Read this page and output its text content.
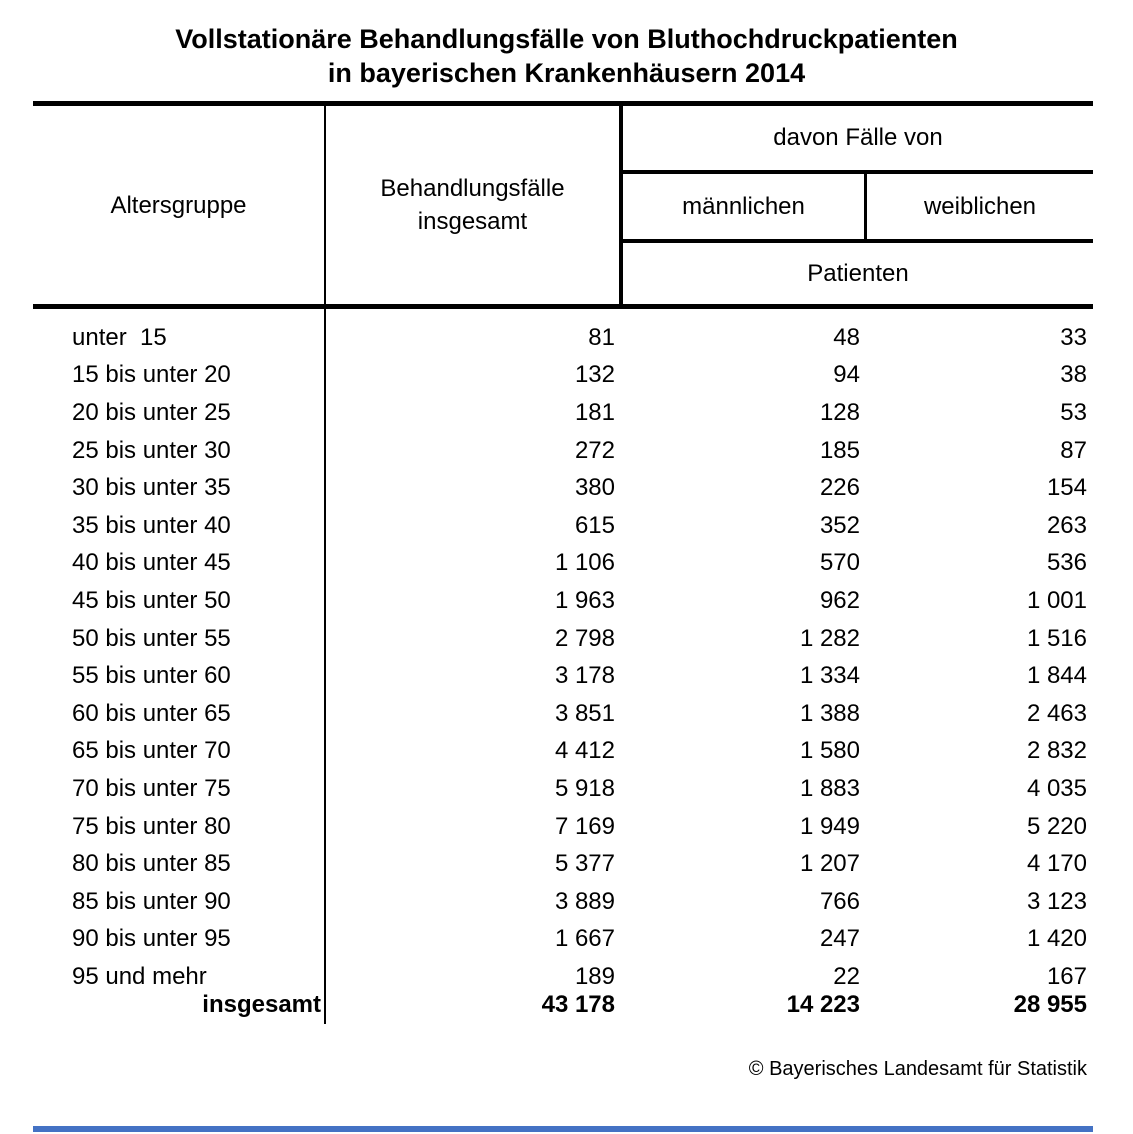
Vollstationäre Behandlungsfälle von Bluthochdruckpatienten
in bayerischen Krankenhäusern 2014
Altersgruppe
Behandlungsfälle
insgesamt
davon Fälle von
männlichen	weiblichen
Patienten
unter  15	81	48	33
15 bis unter 20	132	94	38
20 bis unter 25	181	128	53
25 bis unter 30	272	185	87
30 bis unter 35	380	226	154
35 bis unter 40	615	352	263
40 bis unter 45	1 106	570	536
45 bis unter 50	1 963	962	1 001
50 bis unter 55	2 798	1 282	1 516
55 bis unter 60	3 178	1 334	1 844
60 bis unter 65	3 851	1 388	2 463
65 bis unter 70	4 412	1 580	2 832
70 bis unter 75	5 918	1 883	4 035
75 bis unter 80	7 169	1 949	5 220
80 bis unter 85	5 377	1 207	4 170
85 bis unter 90	3 889	766	3 123
90 bis unter 95	1 667	247	1 420
95 und mehr	189	22	167
insgesamt	43 178	14 223	28 955
© Bayerisches Landesamt für Statistik
